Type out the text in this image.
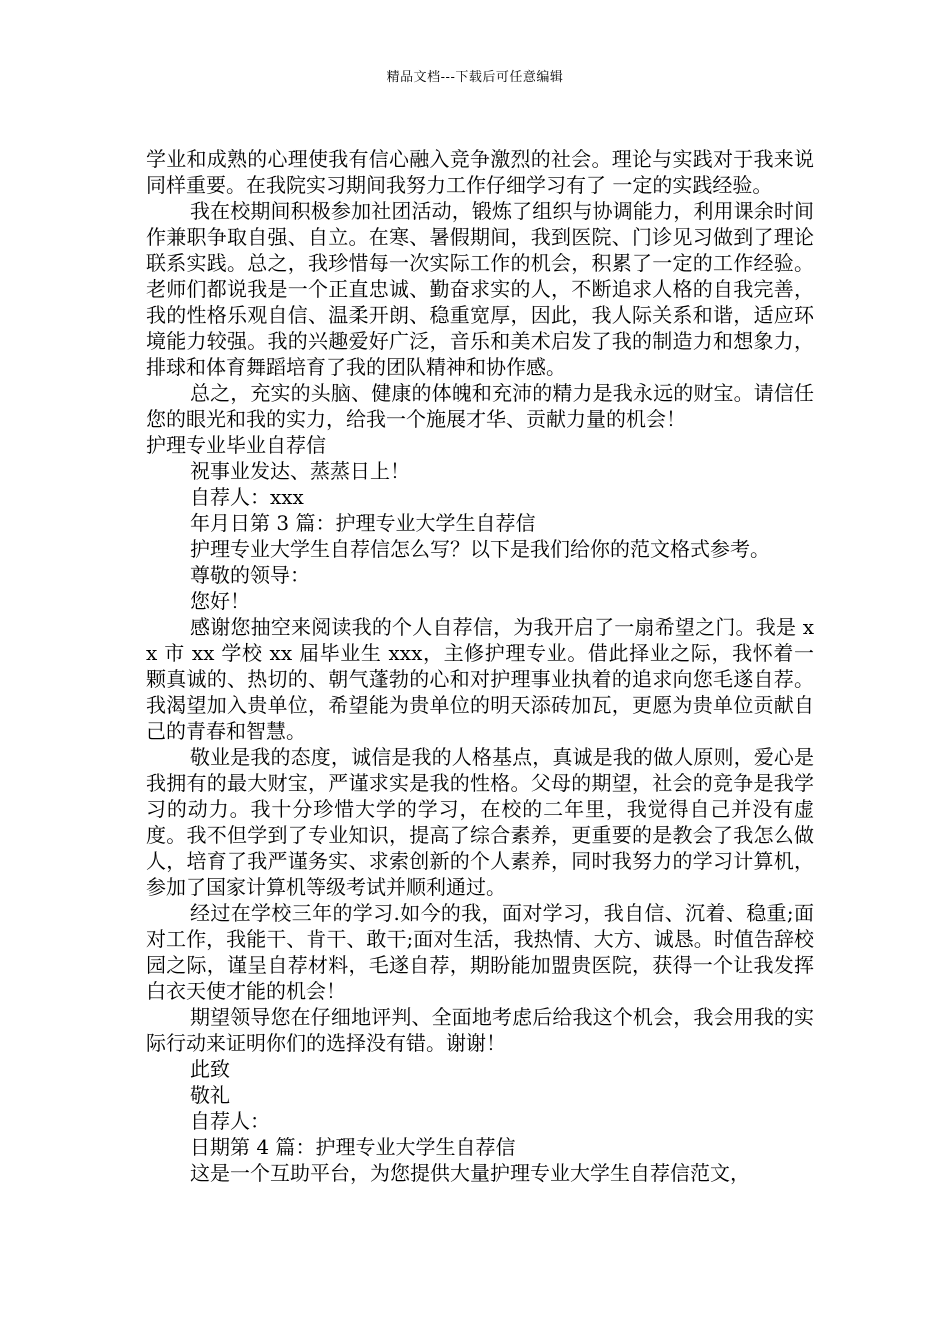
精品文档---下载后可任意编辑

学业和成熟的心理使我有信心融入竞争激烈的社会。理论与实践对于我来说同样重要。在我院实习期间我努力工作仔细学习有了 一定的实践经验。

我在校期间积极参加社团活动，锻炼了组织与协调能力，利用课余时间作兼职争取自强、自立。在寒、暑假期间，我到医院、门诊见习做到了理论联系实践。总之，我珍惜每一次实际工作的机会，积累了一定的工作经验。老师们都说我是一个正直忠诚、勤奋求实的人，不断追求人格的自我完善，我的性格乐观自信、温柔开朗、稳重宽厚，因此，我人际关系和谐，适应环境能力较强。我的兴趣爱好广泛，音乐和美术启发了我的制造力和想象力，排球和体育舞蹈培育了我的团队精神和协作感。

总之，充实的头脑、健康的体魄和充沛的精力是我永远的财宝。请信任您的眼光和我的实力，给我一个施展才华、贡献力量的机会！

护理专业毕业自荐信

祝事业发达、蒸蒸日上！

自荐人：xxx

年月日第 3 篇：护理专业大学生自荐信

护理专业大学生自荐信怎么写？以下是我们给你的范文格式参考。

尊敬的领导：

您好！

感谢您抽空来阅读我的个人自荐信，为我开启了一扇希望之门。我是 xx 市 xx 学校 xx 届毕业生 xxx，主修护理专业。借此择业之际，我怀着一颗真诚的、热切的、朝气蓬勃的心和对护理事业执着的追求向您毛遂自荐。我渴望加入贵单位，希望能为贵单位的明天添砖加瓦，更愿为贵单位贡献自己的青春和智慧。

敬业是我的态度，诚信是我的人格基点，真诚是我的做人原则，爱心是我拥有的最大财宝，严谨求实是我的性格。父母的期望，社会的竞争是我学习的动力。我十分珍惜大学的学习，在校的二年里，我觉得自己并没有虚度。我不但学到了专业知识，提高了综合素养，更重要的是教会了我怎么做人，培育了我严谨务实、求索创新的个人素养，同时我努力的学习计算机，参加了国家计算机等级考试并顺利通过。

经过在学校三年的学习.如今的我，面对学习，我自信、沉着、稳重;面对工作，我能干、肯干、敢干;面对生活，我热情、大方、诚恳。时值告辞校园之际，谨呈自荐材料，毛遂自荐，期盼能加盟贵医院，获得一个让我发挥白衣天使才能的机会！

期望领导您在仔细地评判、全面地考虑后给我这个机会，我会用我的实际行动来证明你们的选择没有错。谢谢！

此致

敬礼

自荐人：

日期第 4 篇：护理专业大学生自荐信

这是一个互助平台，为您提供大量护理专业大学生自荐信范文，
